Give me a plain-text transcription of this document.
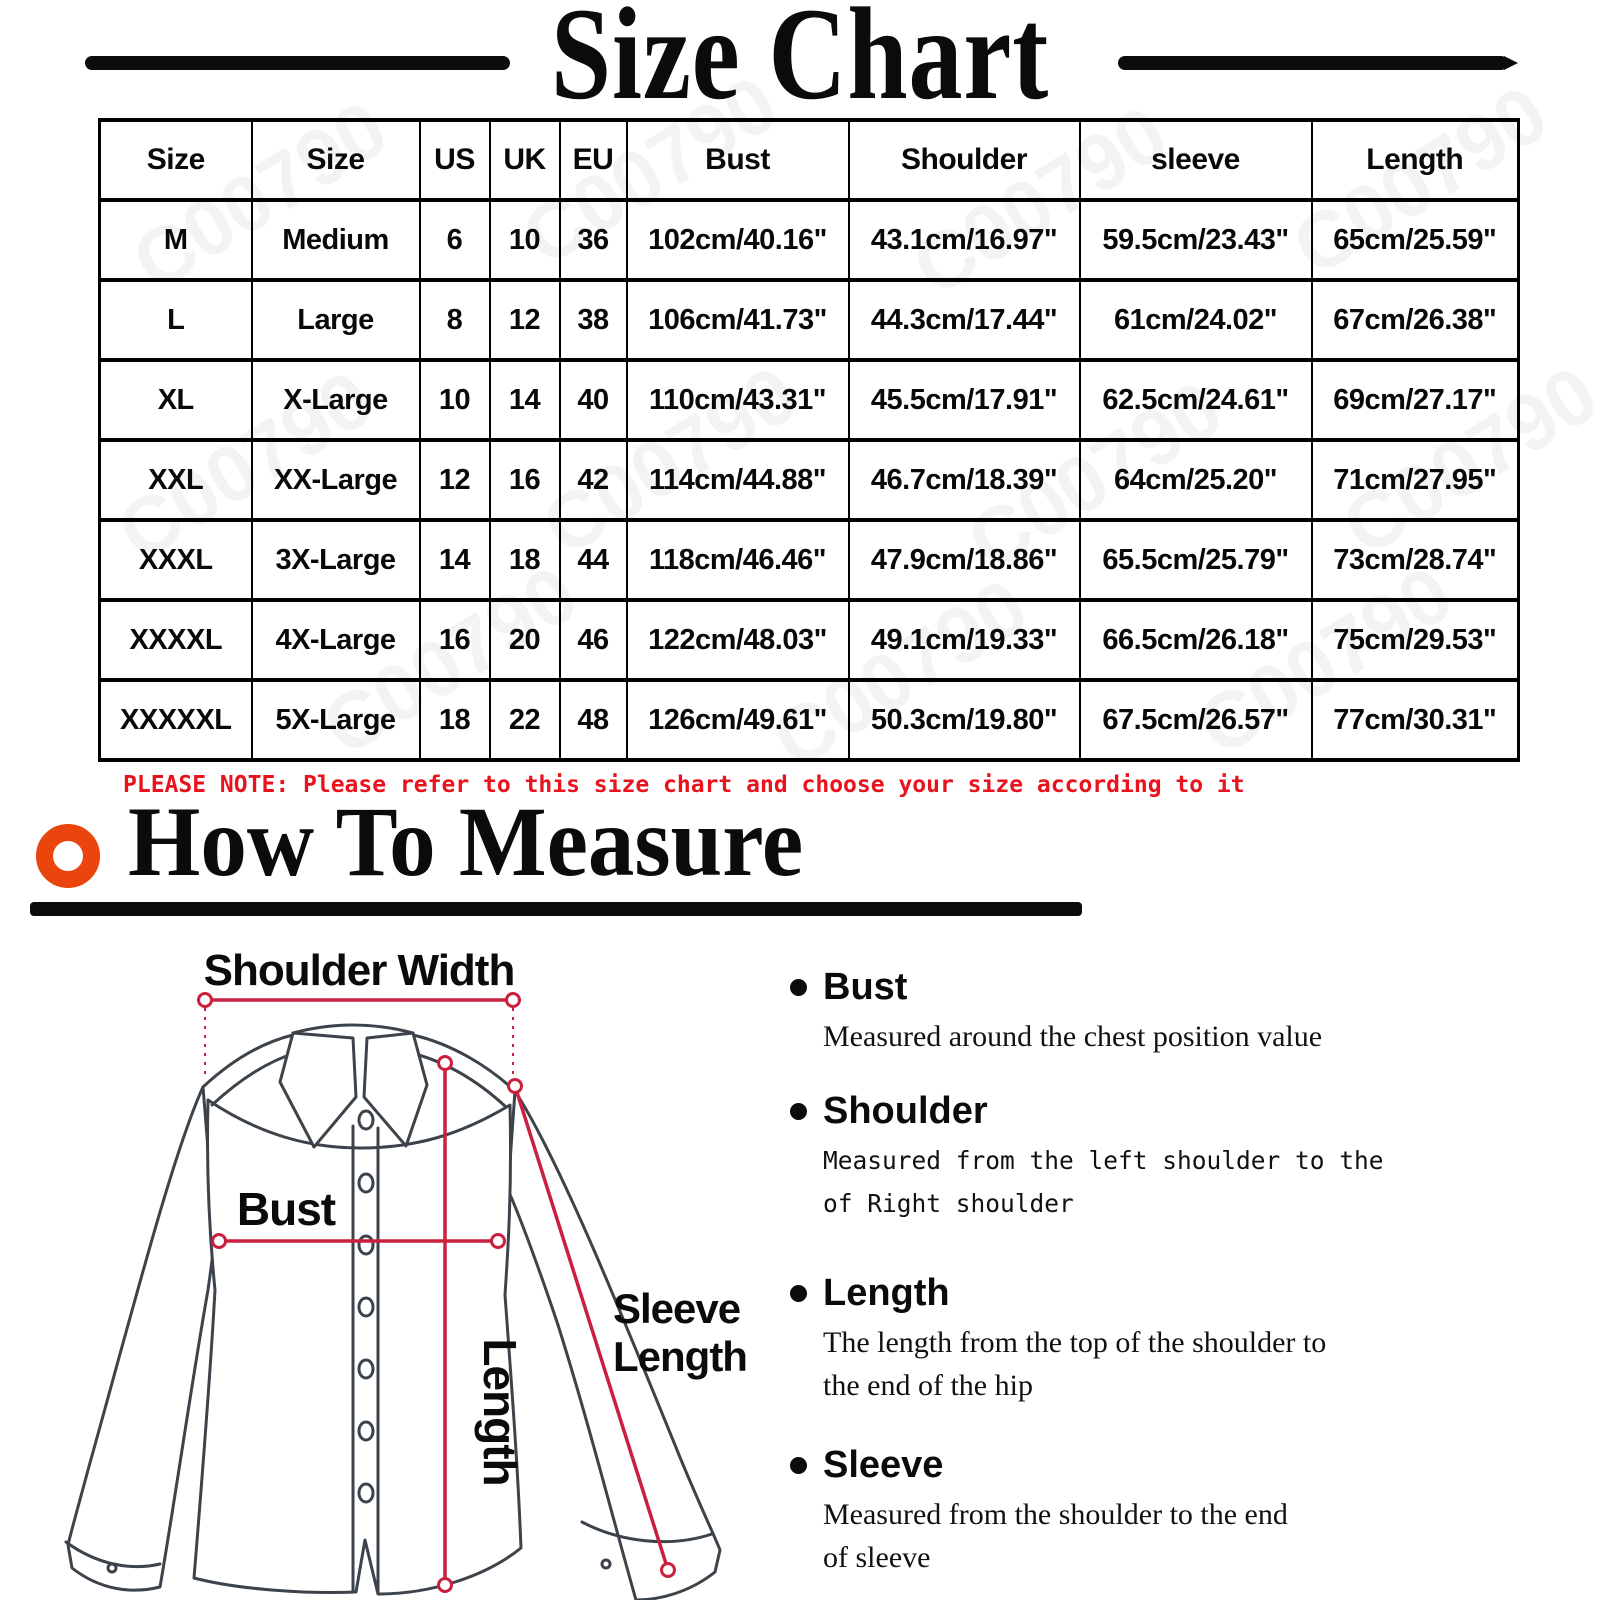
Size Chart
Size	Size	US	UK	EU	Bust	Shoulder	sleeve	Length
M	Medium	6	10	36	102cm/40.16"	43.1cm/16.97"	59.5cm/23.43"	65cm/25.59"
L	Large	8	12	38	106cm/41.73"	44.3cm/17.44"	61cm/24.02"	67cm/26.38"
XL	X-Large	10	14	40	110cm/43.31"	45.5cm/17.91"	62.5cm/24.61"	69cm/27.17"
XXL	XX-Large	12	16	42	114cm/44.88"	46.7cm/18.39"	64cm/25.20"	71cm/27.95"
XXXL	3X-Large	14	18	44	118cm/46.46"	47.9cm/18.86"	65.5cm/25.79"	73cm/28.74"
XXXXL	4X-Large	16	20	46	122cm/48.03"	49.1cm/19.33"	66.5cm/26.18"	75cm/29.53"
XXXXXL	5X-Large	18	22	48	126cm/49.61"	50.3cm/19.80"	67.5cm/26.57"	77cm/30.31"

PLEASE NOTE: Please refer to this size chart and choose your size according to it

How To Measure
Shoulder Width
Bust
Length
Sleeve
Length
Bust
Measured around the chest position value
Shoulder
Measured from the left shoulder to the
of Right shoulder
Length
The length from the top of the shoulder to
the end of the hip
Sleeve
Measured from the shoulder to the end
of sleeve
